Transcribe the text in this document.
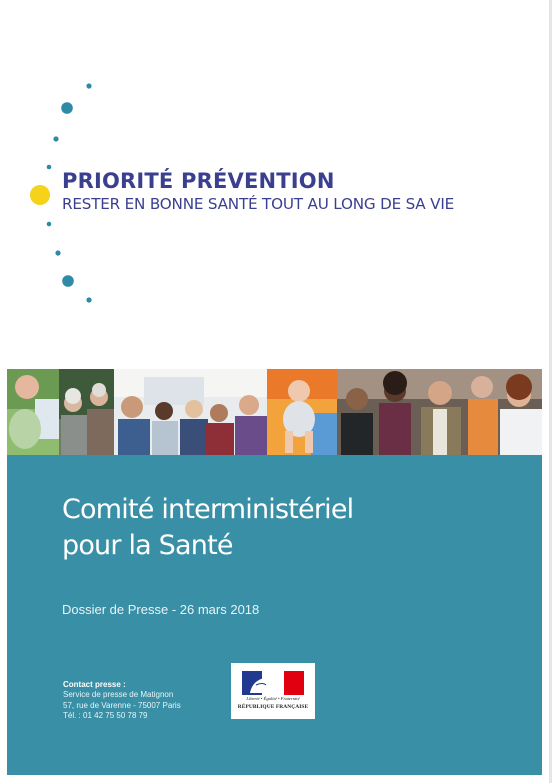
PRIORITÉ PRÉVENTION
RESTER EN BONNE SANTÉ TOUT AU LONG DE SA VIE
Comité interministériel
pour la Santé
Dossier de Presse - 26 mars 2018
Contact presse :
Service de presse de Matignon
57, rue de Varenne - 75007 Paris
Tél. : 01 42 75 50 78 79
Liberté • Égalité • Fraternité
RÉPUBLIQUE FRANÇAISE
